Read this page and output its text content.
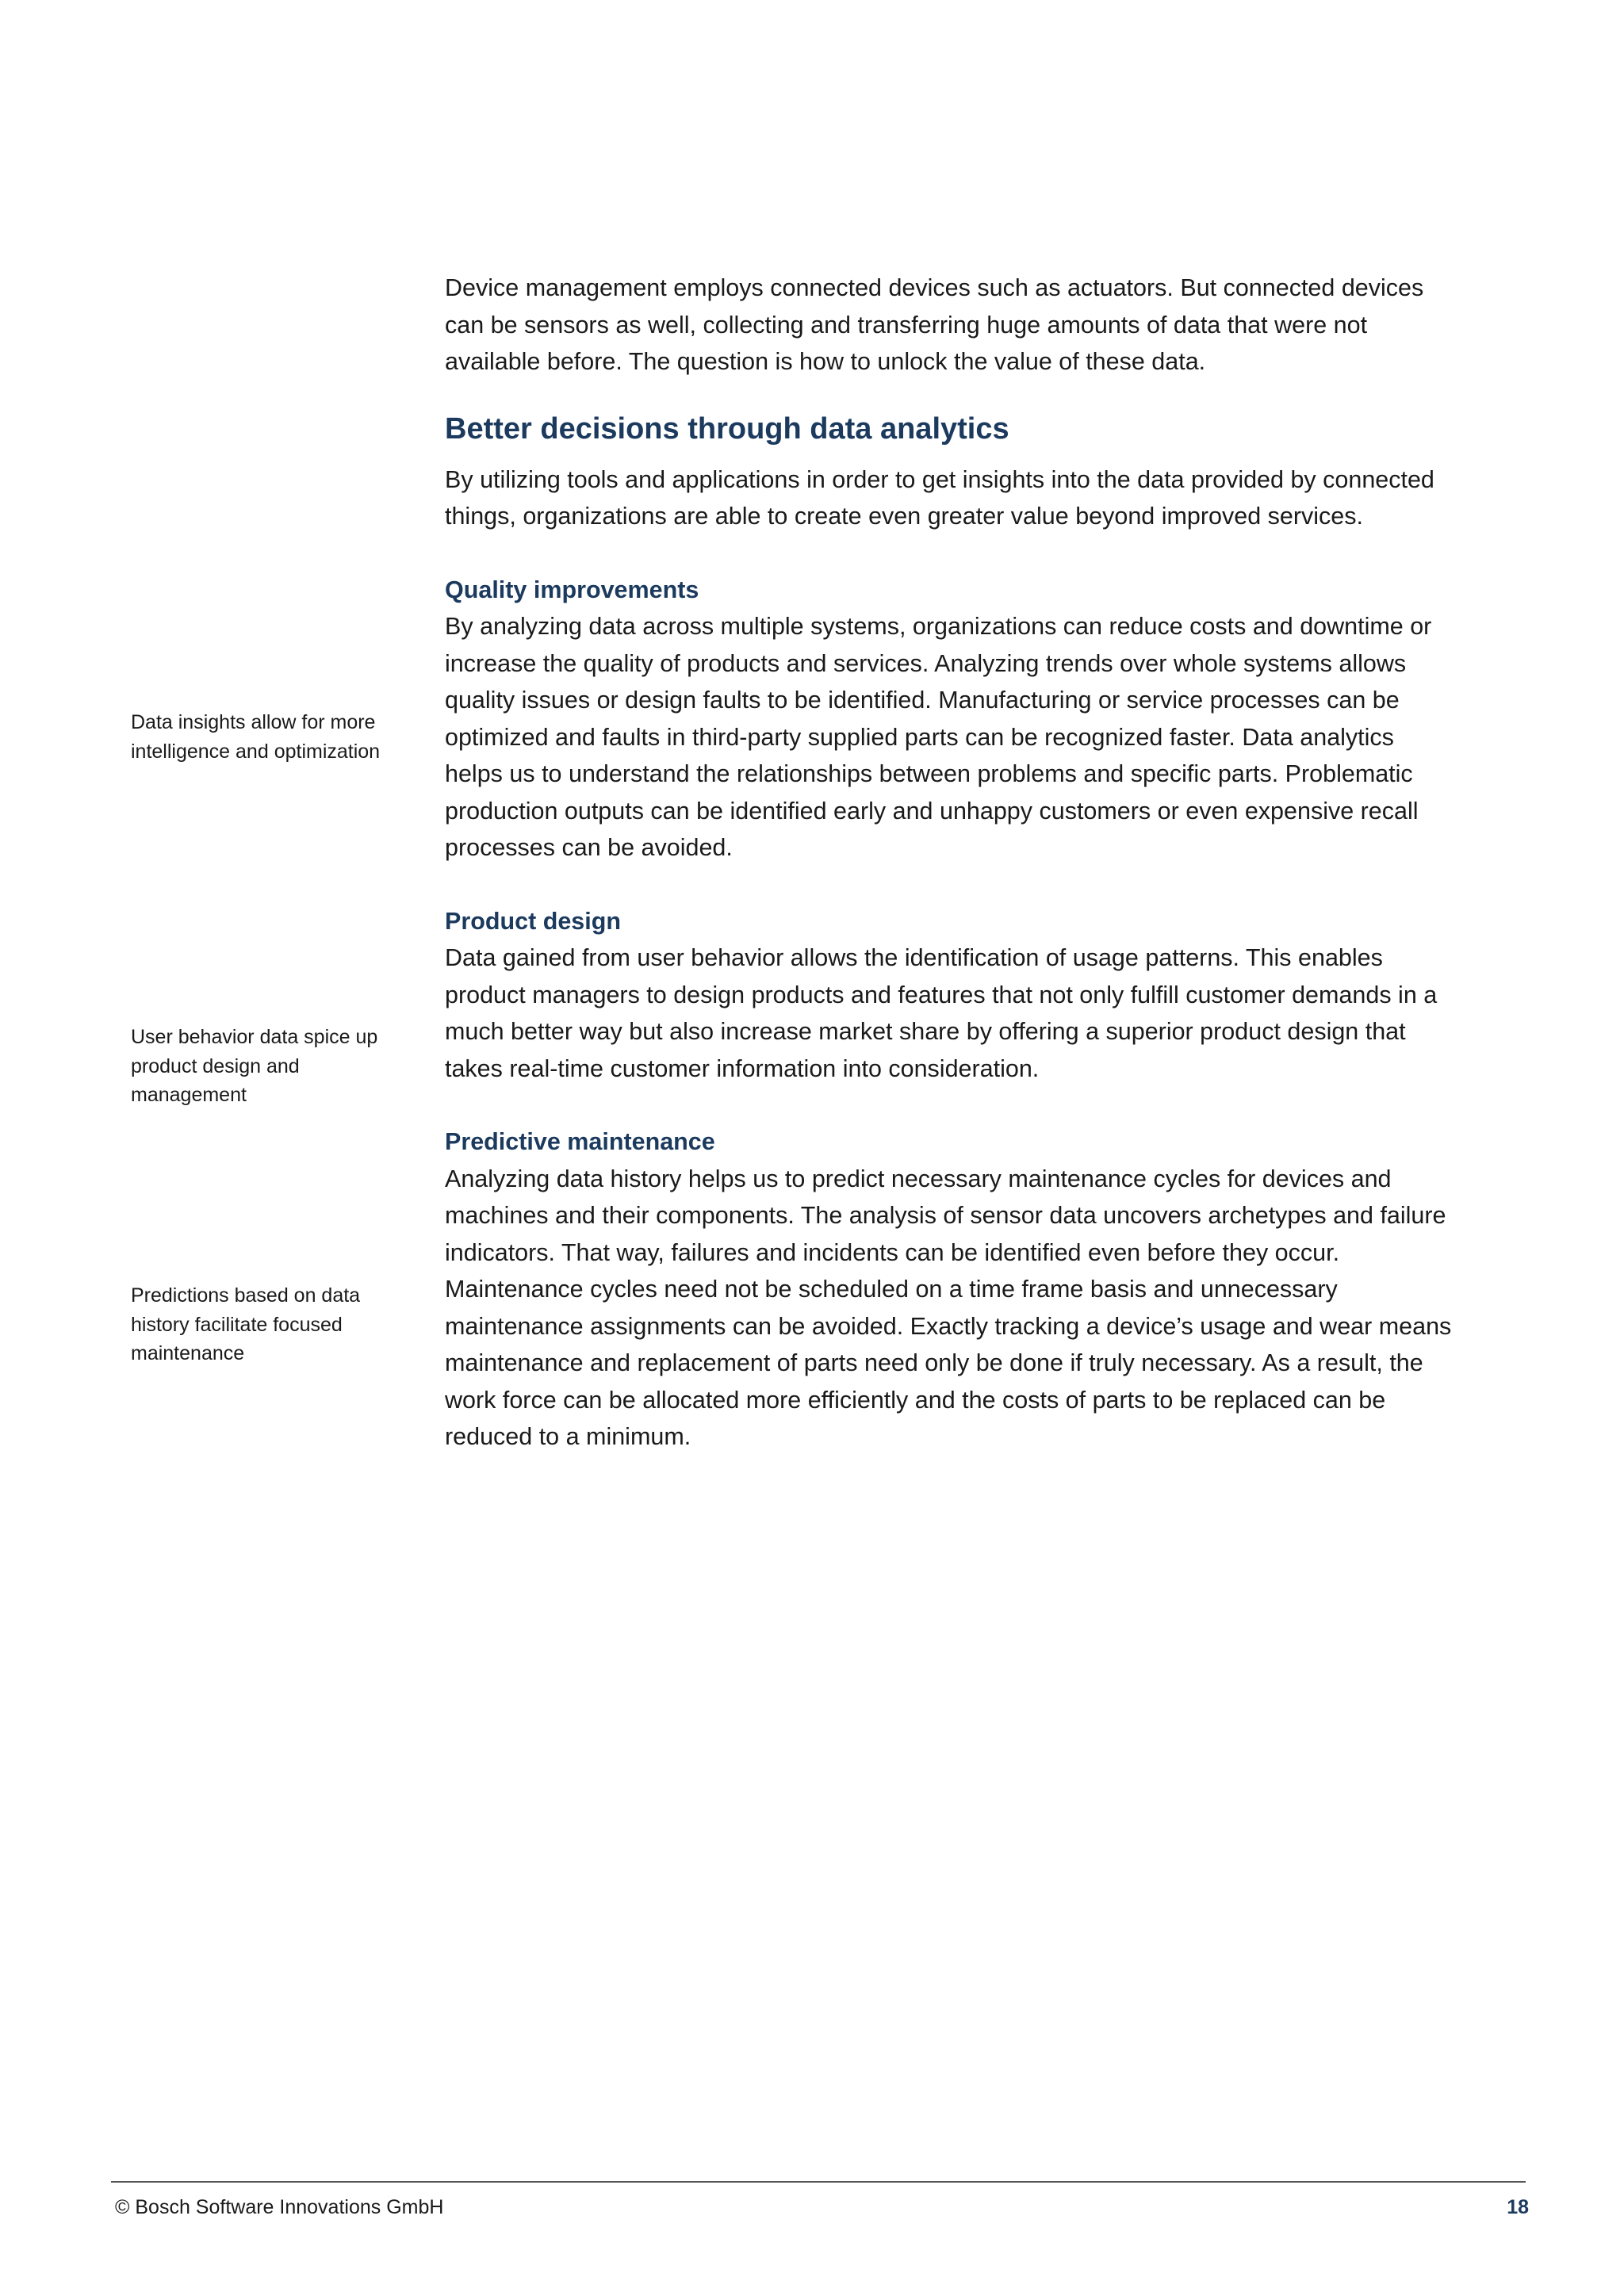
Data insights allow for more intelligence and optimization

User behavior data spice up product design and management

Predictions based on data history facilitate focused maintenance

Device management employs connected devices such as actuators. But connected devices can be sensors as well, collecting and transferring huge amounts of data that were not available before. The question is how to unlock the value of these data.

Better decisions through data analytics

By utilizing tools and applications in order to get insights into the data provided by connected things, organizations are able to create even greater value beyond improved services.

Quality improvements

By analyzing data across multiple systems, organizations can reduce costs and downtime or increase the quality of products and services. Analyzing trends over whole systems allows quality issues or design faults to be identified. Manufacturing or service processes can be optimized and faults in third-party supplied parts can be recognized faster. Data analytics helps us to understand the relationships between problems and specific parts. Problematic production outputs can be identified early and unhappy customers or even expensive recall processes can be avoided.

Product design

Data gained from user behavior allows the identification of usage patterns. This enables product managers to design products and features that not only fulfill customer demands in a much better way but also increase market share by offering a superior product design that takes real-time customer information into consideration.

Predictive maintenance

Analyzing data history helps us to predict necessary maintenance cycles for devices and machines and their components. The analysis of sensor data uncovers archetypes and failure indicators. That way, failures and incidents can be identified even before they occur. Maintenance cycles need not be scheduled on a time frame basis and unnecessary maintenance assignments can be avoided. Exactly tracking a device’s usage and wear means maintenance and replacement of parts need only be done if truly necessary. As a result, the work force can be allocated more efficiently and the costs of parts to be replaced can be reduced to a minimum.

© Bosch Software Innovations GmbH	18
